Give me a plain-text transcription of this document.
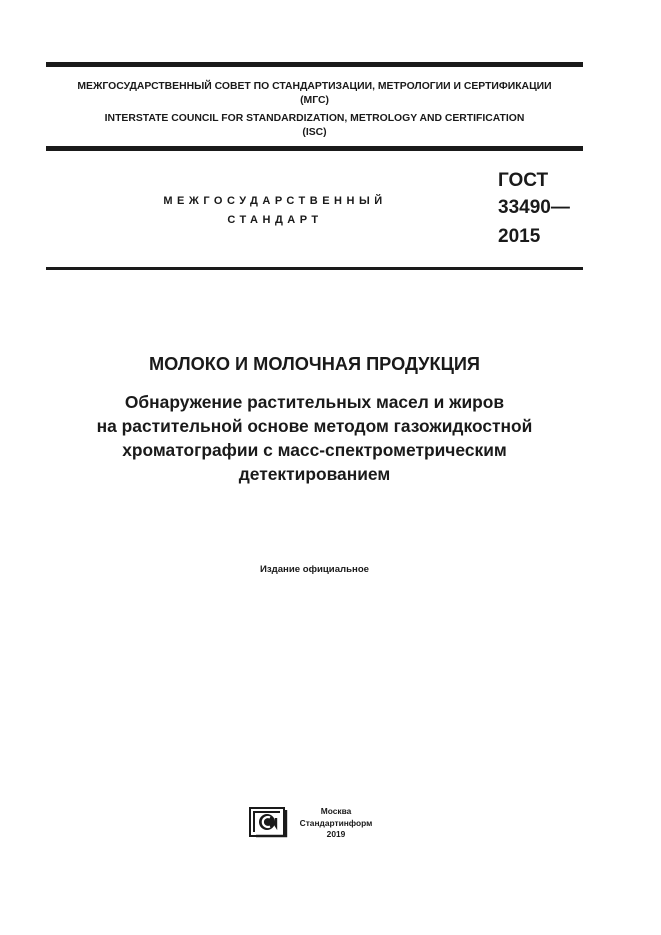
МЕЖГОСУДАРСТВЕННЫЙ СОВЕТ ПО СТАНДАРТИЗАЦИИ, МЕТРОЛОГИИ И СЕРТИФИКАЦИИ
(МГС)
INTERSTATE COUNCIL FOR STANDARDIZATION, METROLOGY AND CERTIFICATION
(ISC)
МЕЖГОСУДАРСТВЕННЫЙ
СТАНДАРТ
ГОСТ
33490—
2015
МОЛОКО И МОЛОЧНАЯ ПРОДУКЦИЯ
Обнаружение растительных масел и жиров
на растительной основе методом газожидкостной
хроматографии с масс-спектрометрическим
детектированием
Издание официальное
Москва
Стандартинформ
2019
